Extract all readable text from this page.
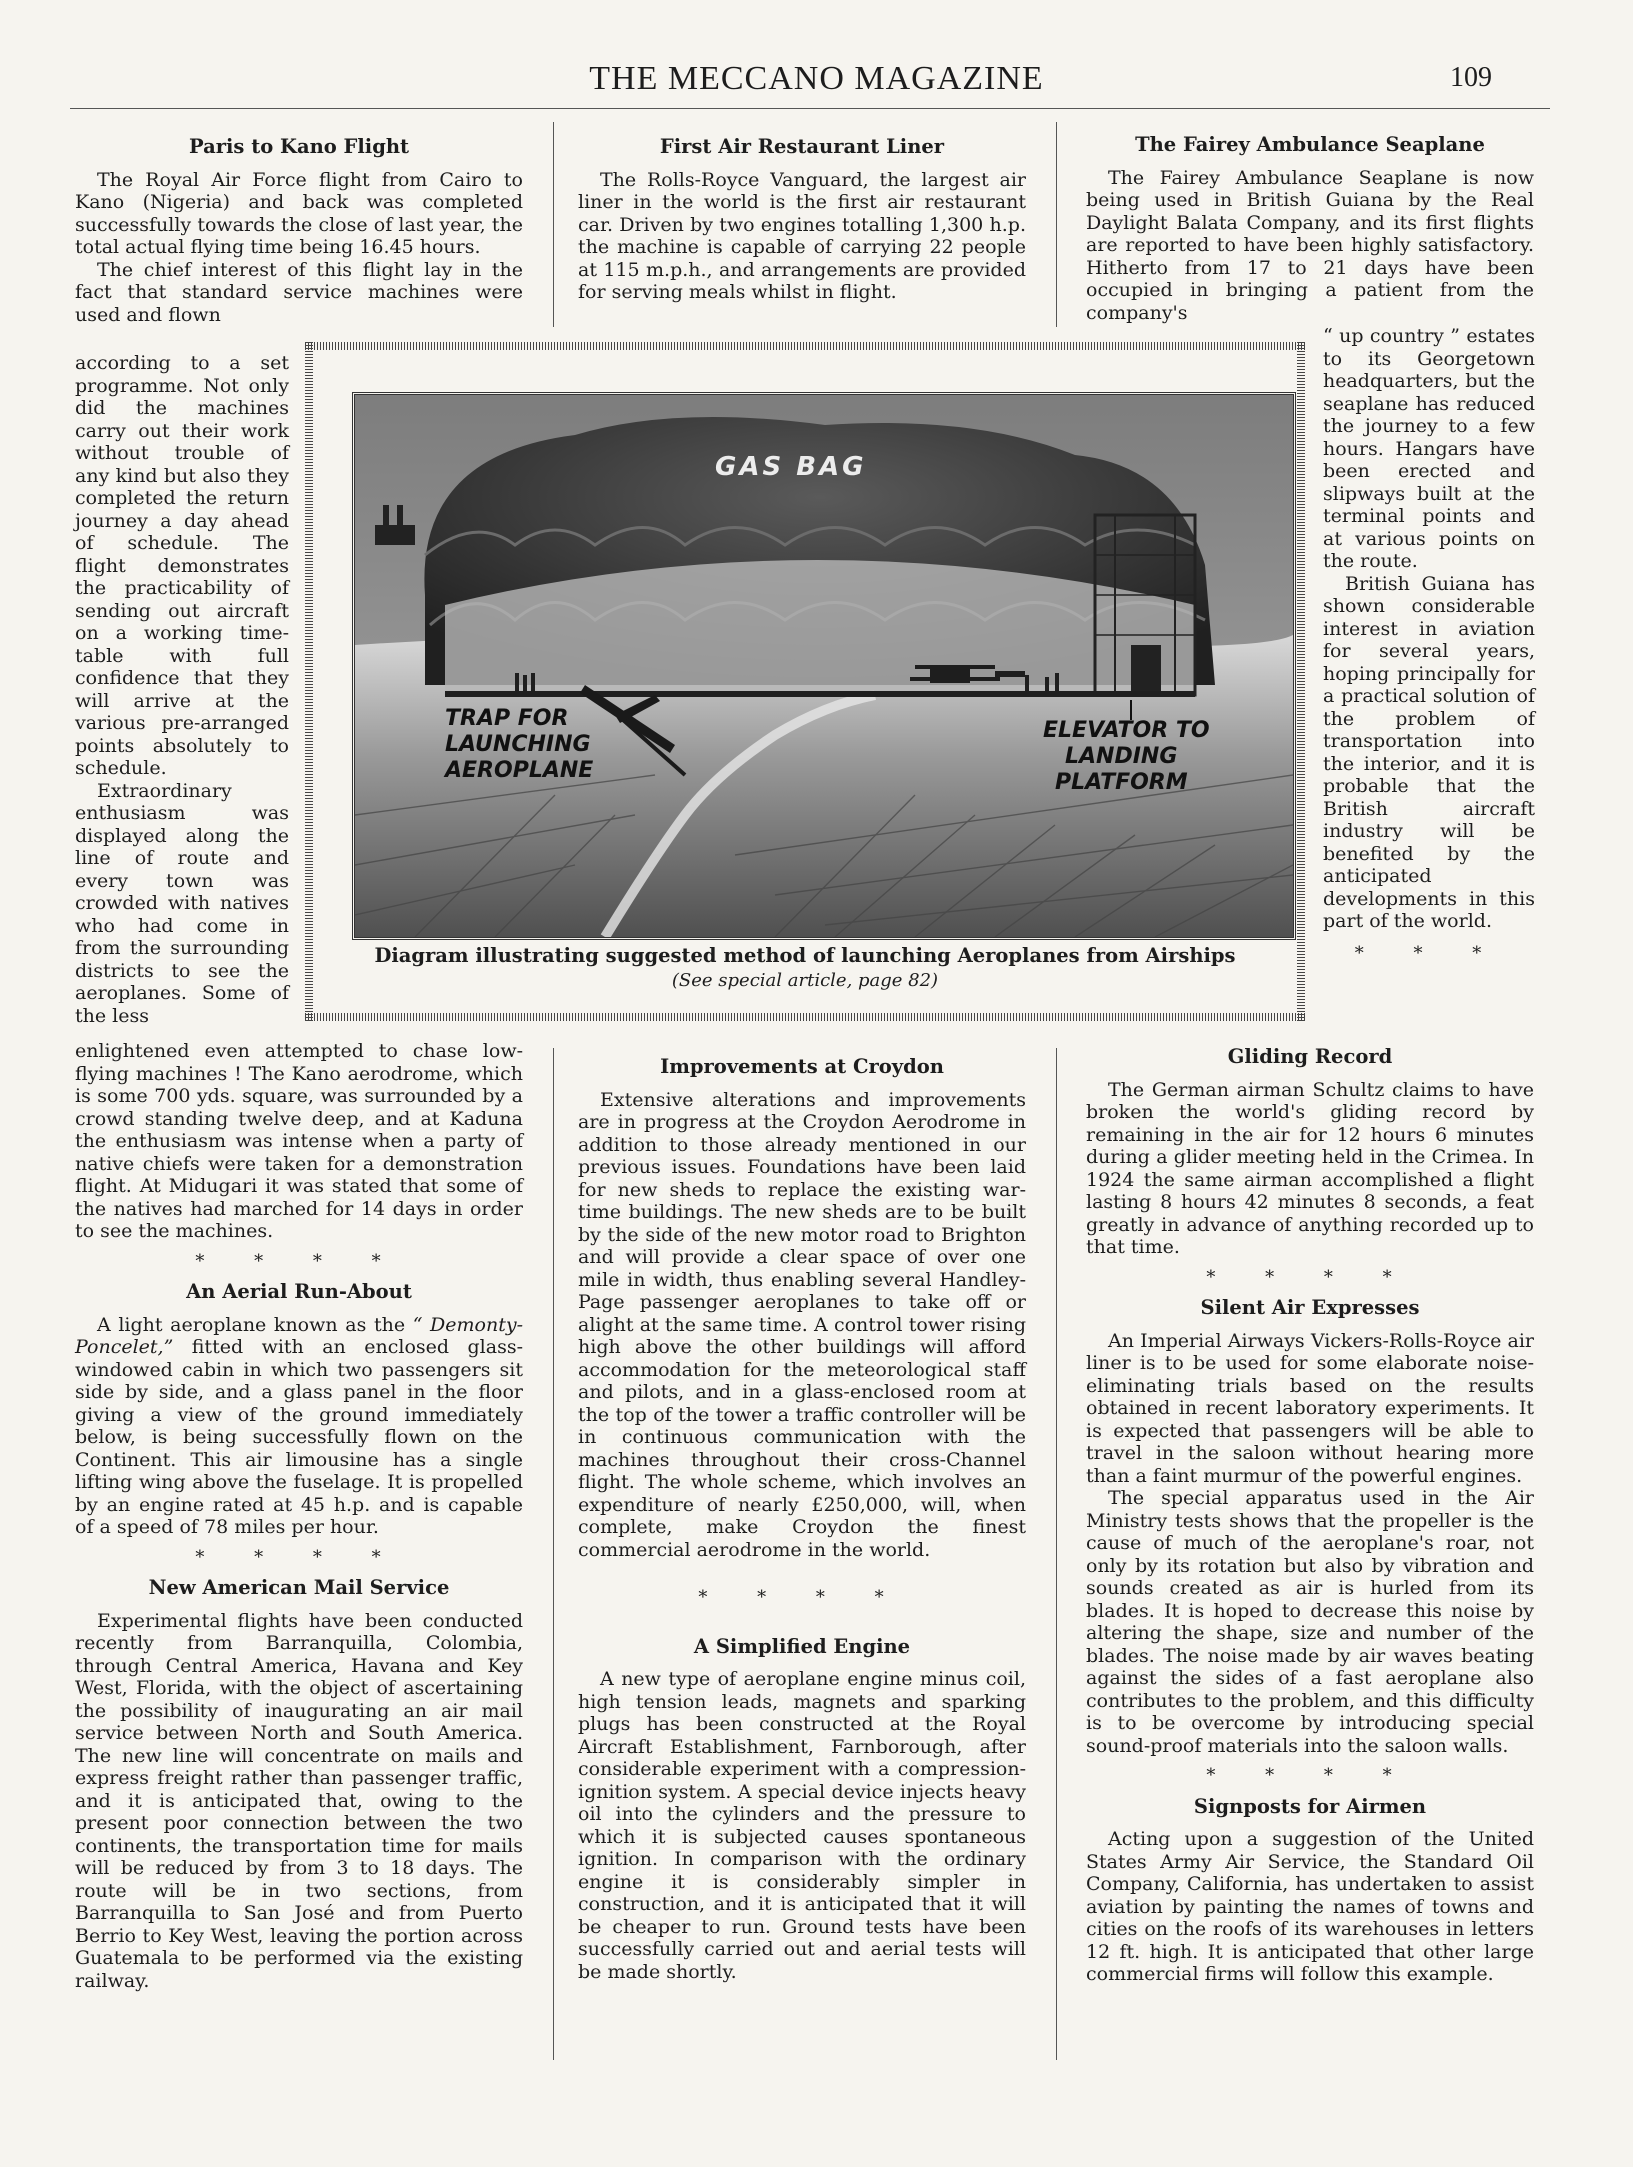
THE MECCANO MAGAZINE	109
Paris to Kano Flight

The Royal Air Force flight from Cairo to Kano (Nigeria) and back was completed successfully towards the close of last year, the total actual flying time being 16.45 hours.

The chief interest of this flight lay in the fact that standard service machines were used and flown

according to a set programme. Not only did the machines carry out their work without trouble of any kind but also they completed the return journey a day ahead of schedule. The flight demonstrates the practicability of sending out aircraft on a working time-table with full confidence that they will arrive at the various pre-arranged points absolutely to schedule.

Extraordinary enthusiasm was displayed along the line of route and every town was crowded with natives who had come in from the surrounding districts to see the aeroplanes. Some of the less

enlightened even attempted to chase low-flying machines ! The Kano aerodrome, which is some 700 yds. square, was surrounded by a crowd standing twelve deep, and at Kaduna the enthusiasm was intense when a party of native chiefs were taken for a demonstration flight. At Midugari it was stated that some of the natives had marched for 14 days in order to see the machines.

* * * *
An Aerial Run-About

A light aeroplane known as the “ Demonty-Poncelet,” fitted with an enclosed glass-windowed cabin in which two passengers sit side by side, and a glass panel in the floor giving a view of the ground immediately below, is being successfully flown on the Continent. This air limousine has a single lifting wing above the fuselage. It is propelled by an engine rated at 45 h.p. and is capable of a speed of 78 miles per hour.

* * * *
New American Mail Service

Experimental flights have been conducted recently from Barranquilla, Colombia, through Central America, Havana and Key West, Florida, with the object of ascertaining the possibility of inaugurating an air mail service between North and South America. The new line will concentrate on mails and express freight rather than passenger traffic, and it is anticipated that, owing to the present poor connection between the two continents, the transportation time for mails will be reduced by from 3 to 18 days. The route will be in two sections, from Barranquilla to San José and from Puerto Berrio to Key West, leaving the portion across Guatemala to be performed via the existing railway.

First Air Restaurant Liner

The Rolls-Royce Vanguard, the largest air liner in the world is the first air restaurant car. Driven by two engines totalling 1,300 h.p. the machine is capable of carrying 22 people at 115 m.p.h., and arrangements are provided for serving meals whilst in flight.

Improvements at Croydon

Extensive alterations and improvements are in progress at the Croydon Aerodrome in addition to those already mentioned in our previous issues. Foundations have been laid for new sheds to replace the existing war-time buildings. The new sheds are to be built by the side of the new motor road to Brighton and will provide a clear space of over one mile in width, thus enabling several Handley-Page passenger aeroplanes to take off or alight at the same time. A control tower rising high above the other buildings will afford accommodation for the meteorological staff and pilots, and in a glass-enclosed room at the top of the tower a traffic controller will be in continuous communication with the machines throughout their cross-Channel flight. The whole scheme, which involves an expenditure of nearly £250,000, will, when complete, make Croydon the finest commercial aerodrome in the world.

* * * *
A Simplified Engine

A new type of aeroplane engine minus coil, high tension leads, magnets and sparking plugs has been constructed at the Royal Aircraft Establishment, Farnborough, after considerable experiment with a compression-ignition system. A special device injects heavy oil into the cylinders and the pressure to which it is subjected causes spontaneous ignition. In comparison with the ordinary engine it is considerably simpler in construction, and it is anticipated that it will be cheaper to run. Ground tests have been successfully carried out and aerial tests will be made shortly.

The Fairey Ambulance Seaplane

The Fairey Ambulance Seaplane is now being used in British Guiana by the Real Daylight Balata Company, and its first flights are reported to have been highly satisfactory. Hitherto from 17 to 21 days have been occupied in bringing a patient from the company's

“ up country ” estates to its Georgetown headquarters, but the seaplane has reduced the journey to a few hours. Hangars have been erected and slipways built at the terminal points and at various points on the route.

British Guiana has shown considerable interest in aviation for several years, hoping principally for a practical solution of the problem of transportation into the interior, and it is probable that the British aircraft industry will be benefited by the anticipated developments in this part of the world.

* * *
Gliding Record

The German airman Schultz claims to have broken the world's gliding record by remaining in the air for 12 hours 6 minutes during a glider meeting held in the Crimea. In 1924 the same airman accomplished a flight lasting 8 hours 42 minutes 8 seconds, a feat greatly in advance of anything recorded up to that time.

* * * *
Silent Air Expresses

An Imperial Airways Vickers-Rolls-Royce air liner is to be used for some elaborate noise-eliminating trials based on the results obtained in recent laboratory experiments. It is expected that passengers will be able to travel in the saloon without hearing more than a faint murmur of the powerful engines.

The special apparatus used in the Air Ministry tests shows that the propeller is the cause of much of the aeroplane's roar, not only by its rotation but also by vibration and sounds created as air is hurled from its blades. It is hoped to decrease this noise by altering the shape, size and number of the blades. The noise made by air waves beating against the sides of a fast aeroplane also contributes to the problem, and this difficulty is to be overcome by introducing special sound-proof materials into the saloon walls.

* * * *
Signposts for Airmen

Acting upon a suggestion of the United States Army Air Service, the Standard Oil Company, California, has undertaken to assist aviation by painting the names of towns and cities on the roofs of its warehouses in letters 12 ft. high. It is anticipated that other large commercial firms will follow this example.

GAS BAG
TRAP FOR
LAUNCHING
AEROPLANE
ELEVATOR TO
LANDING
PLATFORM
Diagram illustrating suggested method of launching Aeroplanes from Airships
(See special article, page 82)
